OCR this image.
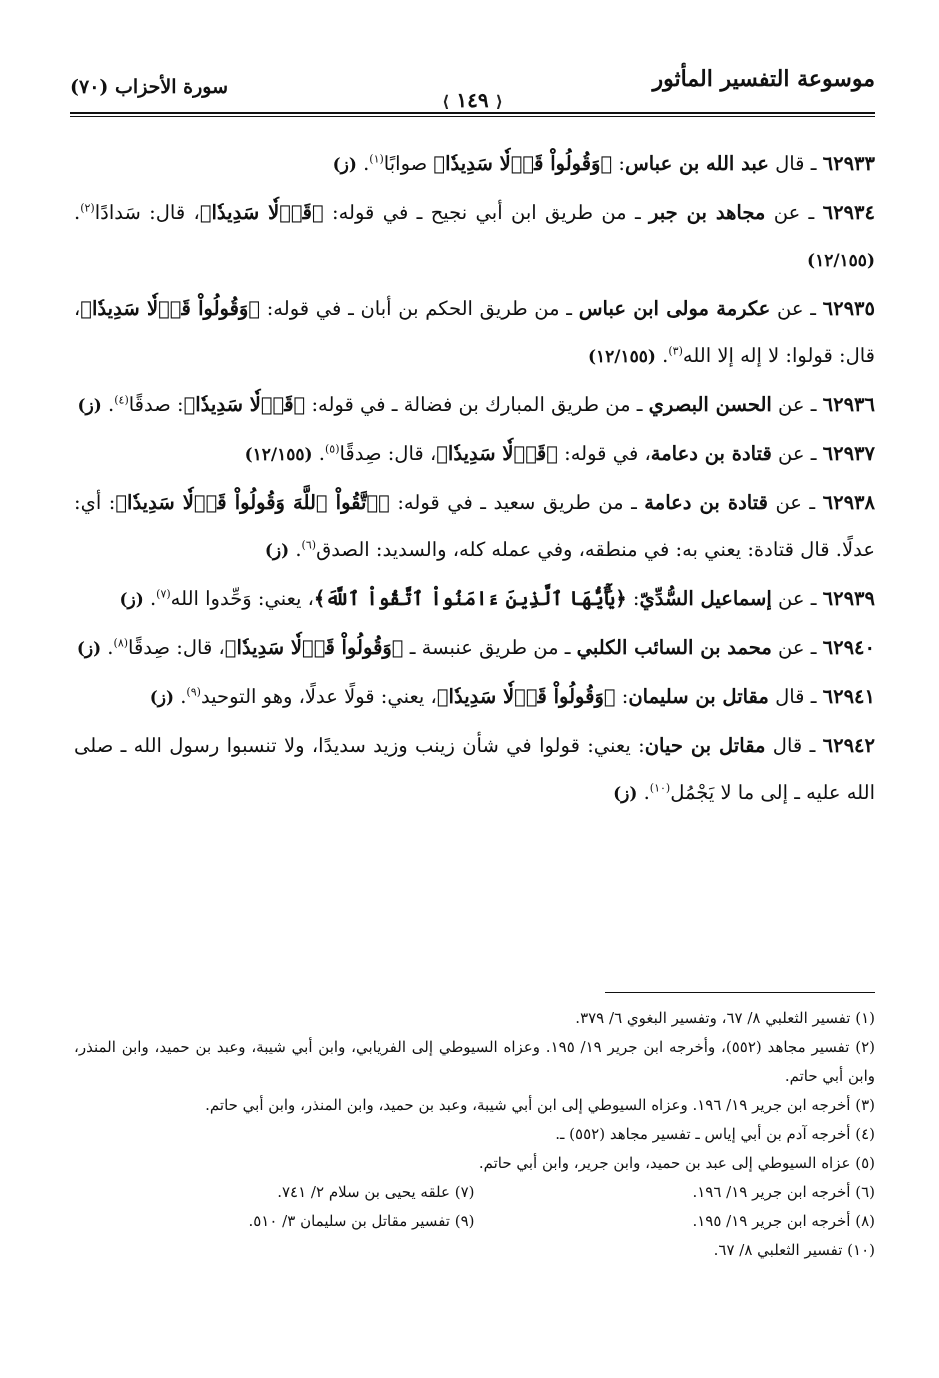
موسوعة التفسير المأثور
⟨ ١٤٩ ⟩
سورة الأحزاب (٧٠)

٦٢٩٣٣ ـ قال عبد الله بن عباس: ﴿وَقُولُواْ قَوۡلٗا سَدِيدٗا﴾ صوابًا$^{(١)}$. (ز)

٦٢٩٣٤ ـ عن مجاهد بن جبر ـ من طريق ابن أبي نجيح ـ في قوله: ﴿قَوۡلٗا سَدِيدٗا﴾، قال: سَدادًا$^{(٢)}$. (١٢/١٥٥)

٦٢٩٣٥ ـ عن عكرمة مولى ابن عباس ـ من طريق الحكم بن أبان ـ في قوله: ﴿وَقُولُواْ قَوۡلٗا سَدِيدٗا﴾، قال: قولوا: لا إله إلا الله$^{(٣)}$. (١٢/١٥٥)

٦٢٩٣٦ ـ عن الحسن البصري ـ من طريق المبارك بن فضالة ـ في قوله: ﴿قَوۡلٗا سَدِيدٗا﴾: صدقًا$^{(٤)}$. (ز)

٦٢٩٣٧ ـ عن قتادة بن دعامة، في قوله: ﴿قَوۡلٗا سَدِيدٗا﴾، قال: صِدقًا$^{(٥)}$. (١٢/١٥٥)

٦٢٩٣٨ ـ عن قتادة بن دعامة ـ من طريق سعيد ـ في قوله: ﴿ٱتَّقُواْ ٱللَّهَ وَقُولُواْ قَوۡلٗا سَدِيدٗا﴾: أي: عدلًا. قال قتادة: يعني به: في منطقه، وفي عمله كله، والسديد: الصدق$^{(٦)}$. (ز)

٦٢٩٣٩ ـ عن إسماعيل السُّدِّيّ: ﴿يَٰٓأَيُّهَا ٱلَّذِينَ ءَامَنُواْ ٱتَّقُواْ ٱللَّهَ﴾، يعني: وَحِّدوا الله$^{(٧)}$. (ز)

٦٢٩٤٠ ـ عن محمد بن السائب الكلبي ـ من طريق عنبسة ـ ﴿وَقُولُواْ قَوۡلٗا سَدِيدٗا﴾، قال: صِدقًا$^{(٨)}$. (ز)

٦٢٩٤١ ـ قال مقاتل بن سليمان: ﴿وَقُولُواْ قَوۡلٗا سَدِيدٗا﴾، يعني: قولًا عدلًا، وهو التوحيد$^{(٩)}$. (ز)

٦٢٩٤٢ ـ قال مقاتل بن حيان: يعني: قولوا في شأن زينب وزيد سديدًا، ولا تنسبوا رسول الله ـ صلى الله عليه ـ إلى ما لا يَجْمُل$^{(١٠)}$. (ز)

(١) تفسير الثعلبي ٨/ ٦٧، وتفسير البغوي ٦/ ٣٧٩.

(٢) تفسير مجاهد (٥٥٢)، وأخرجه ابن جرير ١٩/ ١٩٥. وعزاه السيوطي إلى الفريابي، وابن أبي شيبة، وعبد بن حميد، وابن المنذر، وابن أبي حاتم.

(٣) أخرجه ابن جرير ١٩/ ١٩٦. وعزاه السيوطي إلى ابن أبي شيبة، وعبد بن حميد، وابن المنذر، وابن أبي حاتم.

(٤) أخرجه آدم بن أبي إياس ـ تفسير مجاهد (٥٥٢) ـ.

(٥) عزاه السيوطي إلى عبد بن حميد، وابن جرير، وابن أبي حاتم.

(٦) أخرجه ابن جرير ١٩/ ١٩٦.

(٧) علقه يحيى بن سلام ٢/ ٧٤١.

(٨) أخرجه ابن جرير ١٩/ ١٩٥.

(٩) تفسير مقاتل بن سليمان ٣/ ٥١٠.

(١٠) تفسير الثعلبي ٨/ ٦٧.
